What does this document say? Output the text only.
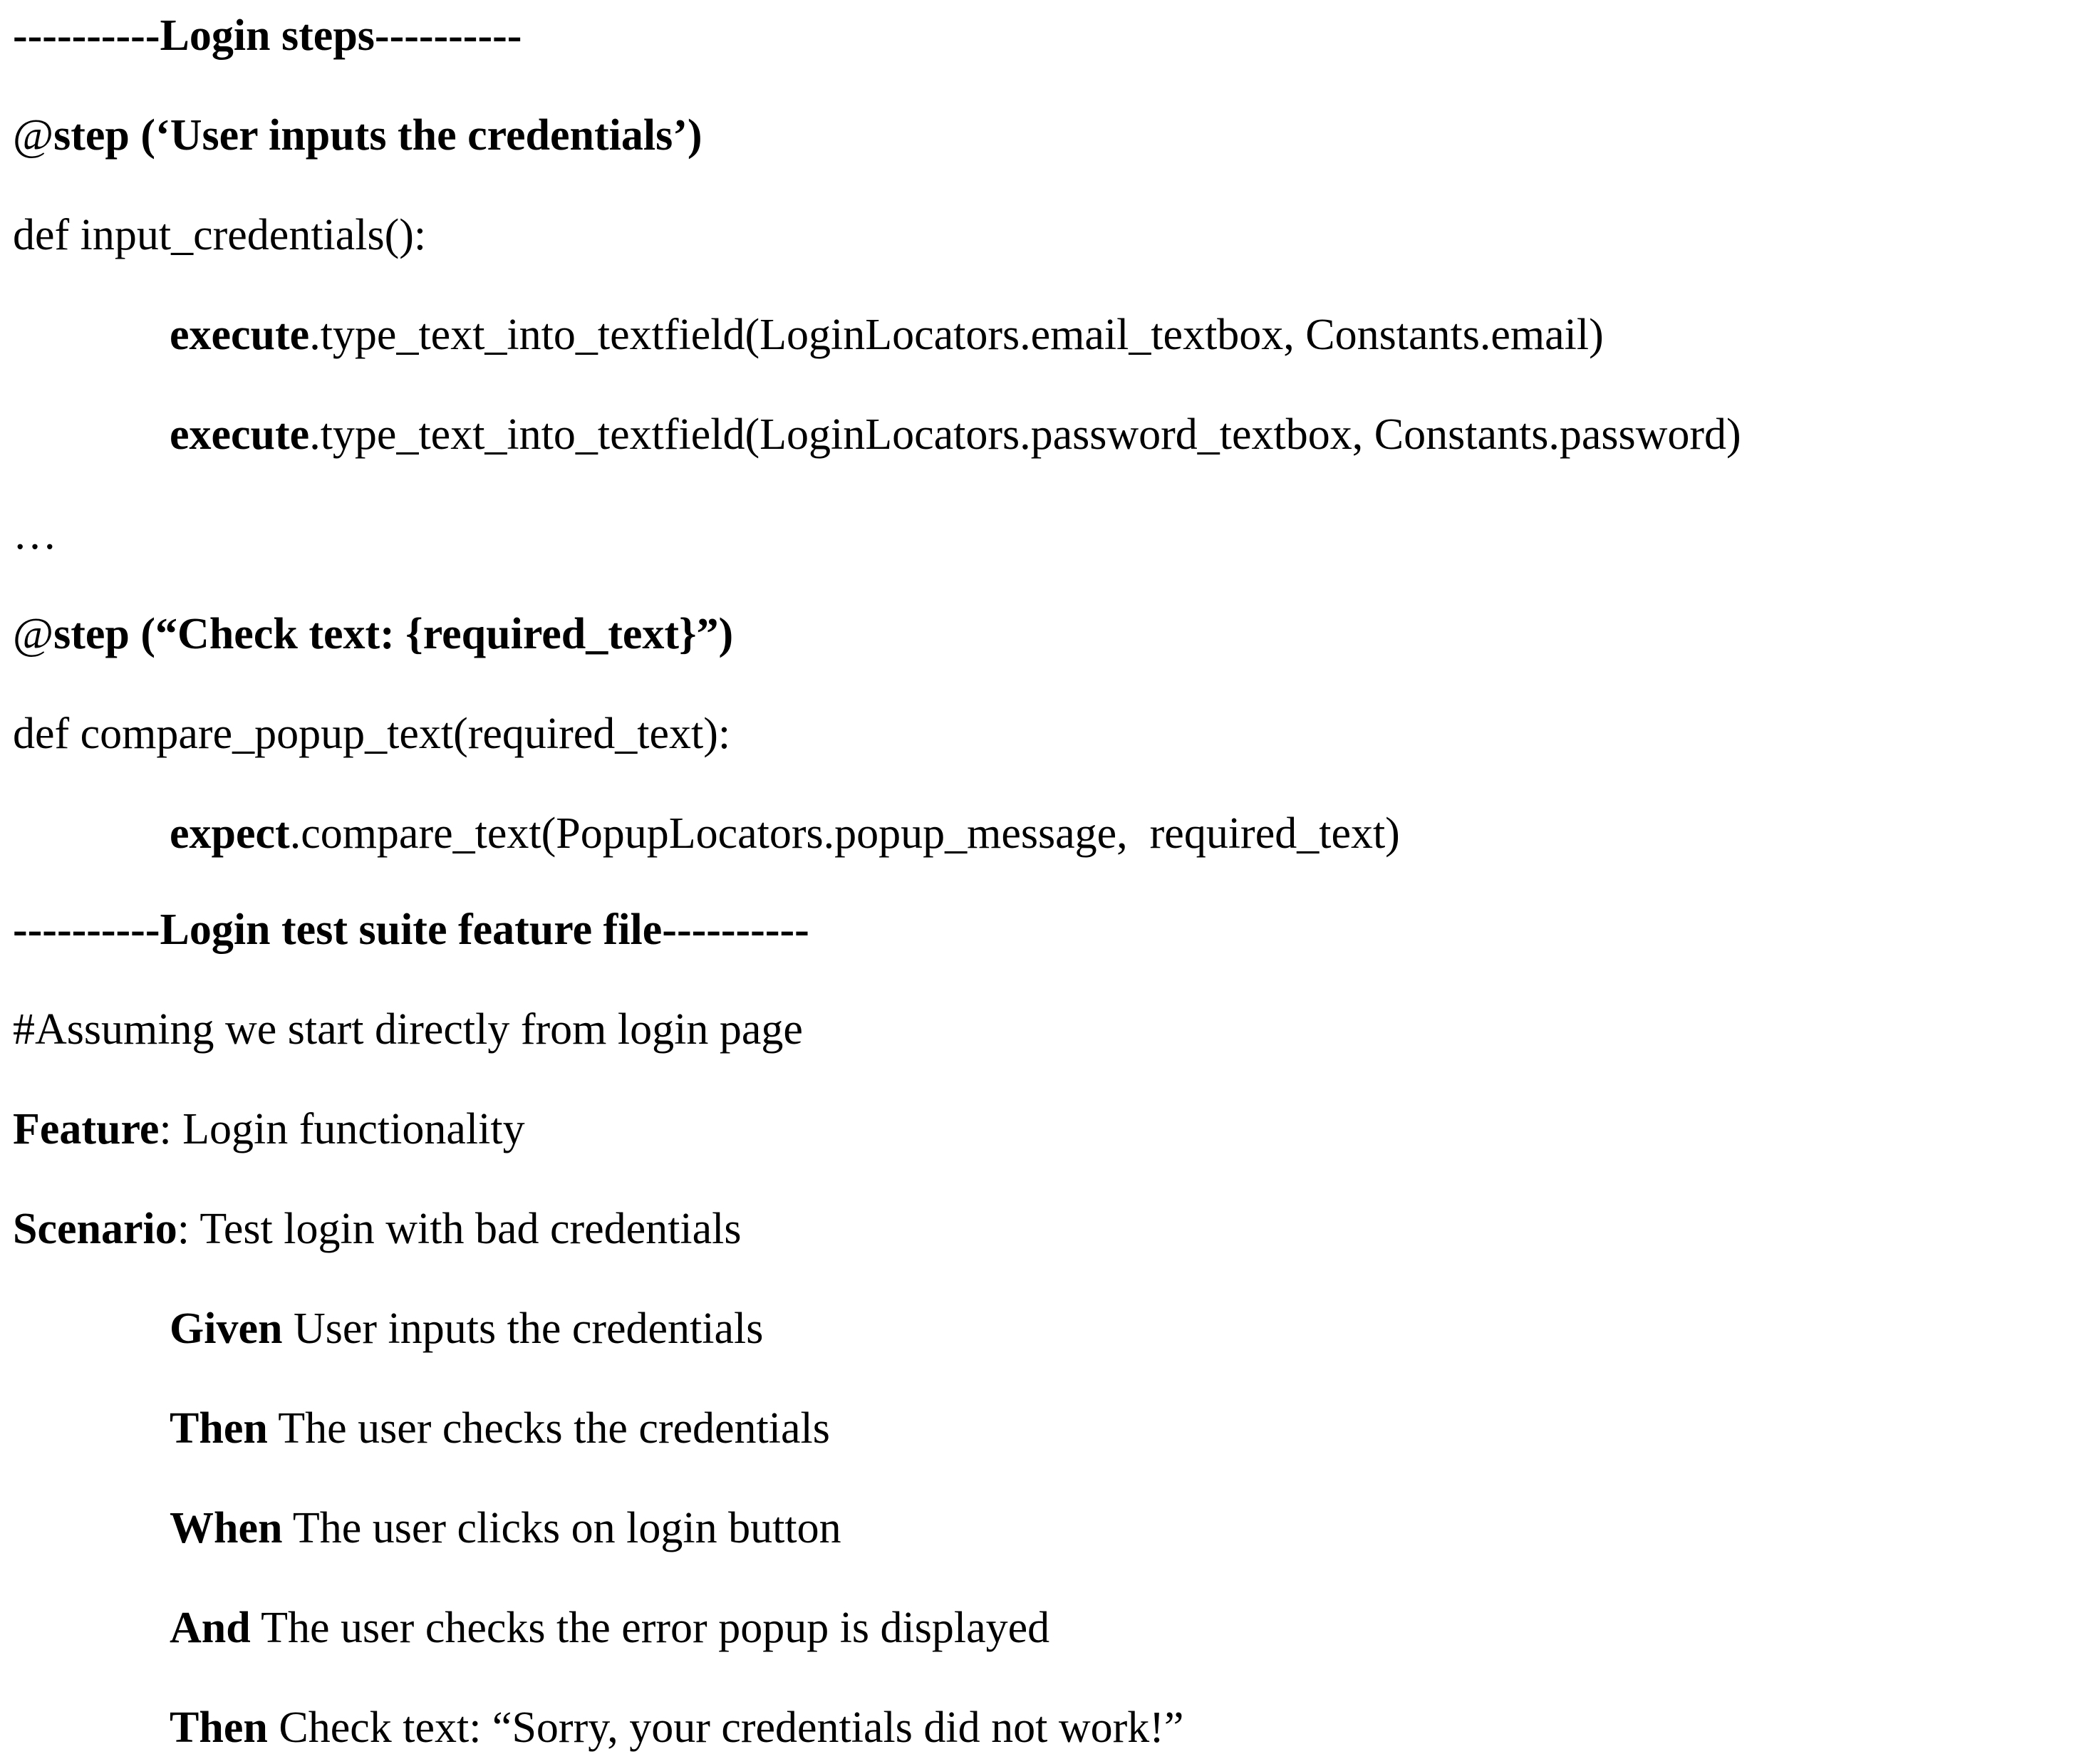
----------Login steps----------
@step (‘User inputs the credentials’)
def input_credentials():
execute.type_text_into_textfield(LoginLocators.email_textbox, Constants.email)
execute.type_text_into_textfield(LoginLocators.password_textbox, Constants.password)
…
@step (“Check text: {required_text}”)
def compare_popup_text(required_text):
expect.compare_text(PopupLocators.popup_message,  required_text)
----------Login test suite feature file----------
#Assuming we start directly from login page
Feature: Login functionality
Scenario: Test login with bad credentials
Given User inputs the credentials
Then The user checks the credentials
When The user clicks on login button
And The user checks the error popup is displayed
Then Check text: “Sorry, your credentials did not work!”
